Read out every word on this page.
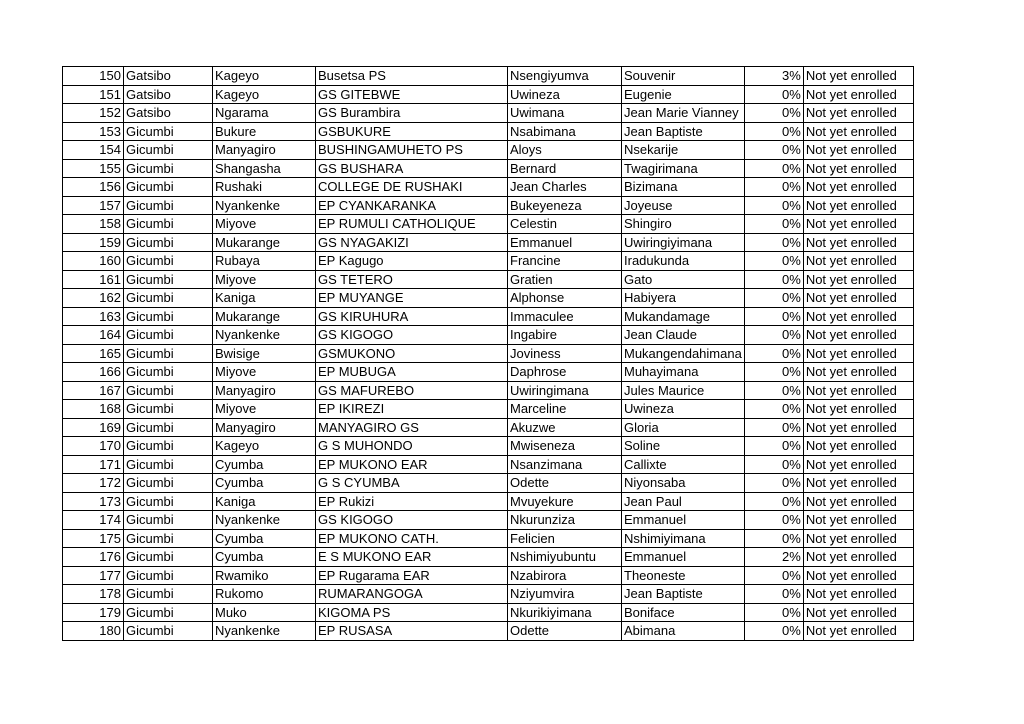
150	Gatsibo	Kageyo	Busetsa PS	Nsengiyumva	Souvenir	3%	Not yet enrolled
151	Gatsibo	Kageyo	GS GITEBWE	Uwineza	Eugenie	0%	Not yet enrolled
152	Gatsibo	Ngarama	GS Burambira	Uwimana	Jean Marie Vianney	0%	Not yet enrolled
153	Gicumbi	Bukure	GSBUKURE	Nsabimana	Jean Baptiste	0%	Not yet enrolled
154	Gicumbi	Manyagiro	BUSHINGAMUHETO PS	Aloys	Nsekarije	0%	Not yet enrolled
155	Gicumbi	Shangasha	GS BUSHARA	Bernard	Twagirimana	0%	Not yet enrolled
156	Gicumbi	Rushaki	COLLEGE DE RUSHAKI	Jean Charles	Bizimana	0%	Not yet enrolled
157	Gicumbi	Nyankenke	EP CYANKARANKA	Bukeyeneza	Joyeuse	0%	Not yet enrolled
158	Gicumbi	Miyove	EP RUMULI CATHOLIQUE	Celestin	Shingiro	0%	Not yet enrolled
159	Gicumbi	Mukarange	GS NYAGAKIZI	Emmanuel	Uwiringiyimana	0%	Not yet enrolled
160	Gicumbi	Rubaya	EP Kagugo	Francine	Iradukunda	0%	Not yet enrolled
161	Gicumbi	Miyove	GS TETERO	Gratien	Gato	0%	Not yet enrolled
162	Gicumbi	Kaniga	EP MUYANGE	Alphonse	Habiyera	0%	Not yet enrolled
163	Gicumbi	Mukarange	GS KIRUHURA	Immaculee	Mukandamage	0%	Not yet enrolled
164	Gicumbi	Nyankenke	GS KIGOGO	Ingabire	Jean Claude	0%	Not yet enrolled
165	Gicumbi	Bwisige	GSMUKONO	Joviness	Mukangendahimana	0%	Not yet enrolled
166	Gicumbi	Miyove	EP MUBUGA	Daphrose	Muhayimana	0%	Not yet enrolled
167	Gicumbi	Manyagiro	GS MAFUREBO	Uwiringimana	Jules Maurice	0%	Not yet enrolled
168	Gicumbi	Miyove	EP IKIREZI	Marceline	Uwineza	0%	Not yet enrolled
169	Gicumbi	Manyagiro	MANYAGIRO GS	Akuzwe	Gloria	0%	Not yet enrolled
170	Gicumbi	Kageyo	G S MUHONDO	Mwiseneza	Soline	0%	Not yet enrolled
171	Gicumbi	Cyumba	EP MUKONO EAR	Nsanzimana	Callixte	0%	Not yet enrolled
172	Gicumbi	Cyumba	G S CYUMBA	Odette	Niyonsaba	0%	Not yet enrolled
173	Gicumbi	Kaniga	EP Rukizi	Mvuyekure	Jean Paul	0%	Not yet enrolled
174	Gicumbi	Nyankenke	GS KIGOGO	Nkurunziza	Emmanuel	0%	Not yet enrolled
175	Gicumbi	Cyumba	EP MUKONO CATH.	Felicien	Nshimiyimana	0%	Not yet enrolled
176	Gicumbi	Cyumba	E S MUKONO EAR	Nshimiyubuntu	Emmanuel	2%	Not yet enrolled
177	Gicumbi	Rwamiko	EP Rugarama EAR	Nzabirora	Theoneste	0%	Not yet enrolled
178	Gicumbi	Rukomo	RUMARANGOGA	Nziyumvira	Jean Baptiste	0%	Not yet enrolled
179	Gicumbi	Muko	KIGOMA PS	Nkurikiyimana	Boniface	0%	Not yet enrolled
180	Gicumbi	Nyankenke	EP RUSASA	Odette	Abimana	0%	Not yet enrolled
